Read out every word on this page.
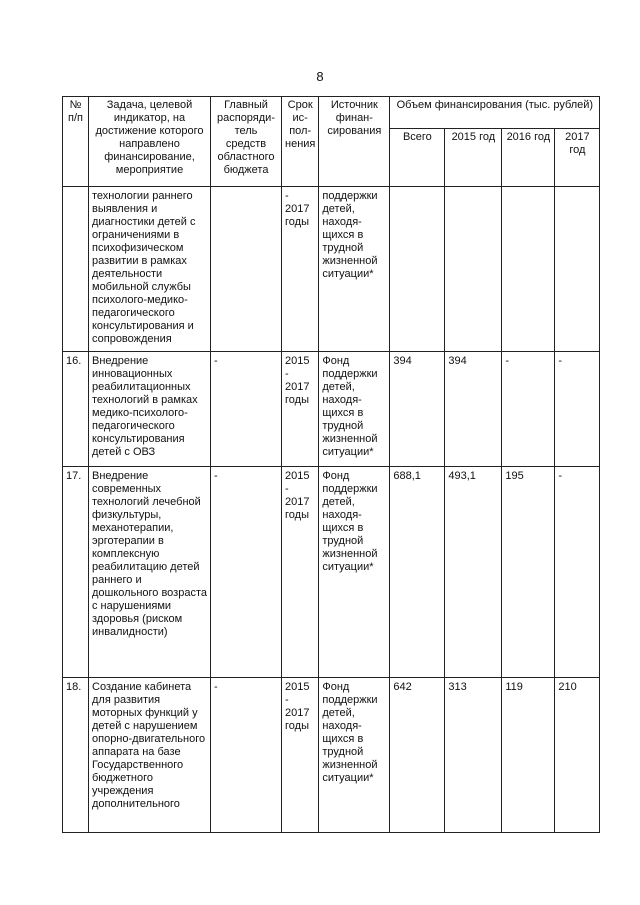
8
№ п/п	Задача, целевой индикатор, на достижение которого направлено финансирование, мероприятие	Главный распоряди-тель средств областного бюджета	Срок ис-пол-нения	Источник финан-сирования	Объем финансирования (тыс. рублей)			

					Всего	2015 год	2016 год	2017 год

	технологии раннего выявления и диагностики детей с ограничениями в психофизическом развитии в рамках деятельности мобильной службы психолого-медико-педагогического консультирования и сопровождения		- 2017 годы	поддержки детей, находя-щихся в трудной жизненной ситуации*				
16.	Внедрение инновационных реабилитационных технологий в рамках медико-психолого-педагогического консультирования детей с ОВЗ	-	2015 - 2017 годы	Фонд поддержки детей, находя-щихся в трудной жизненной ситуации*	394	394	-	-
17.	Внедрение современных технологий лечебной физкультуры, механотерапии, эрготерапии в комплексную реабилитацию детей раннего и дошкольного возраста с нарушениями здоровья (риском инвалидности)	-	2015 - 2017 годы	Фонд поддержки детей, находя-щихся в трудной жизненной ситуации*	688,1	493,1	195	-
18.	Создание кабинета для развития моторных функций у детей с нарушением опорно-двигательного аппарата на базе Государственного бюджетного учреждения дополнительного	-	2015 - 2017 годы	Фонд поддержки детей, находя-щихся в трудной жизненной ситуации*	642	313	119	210
